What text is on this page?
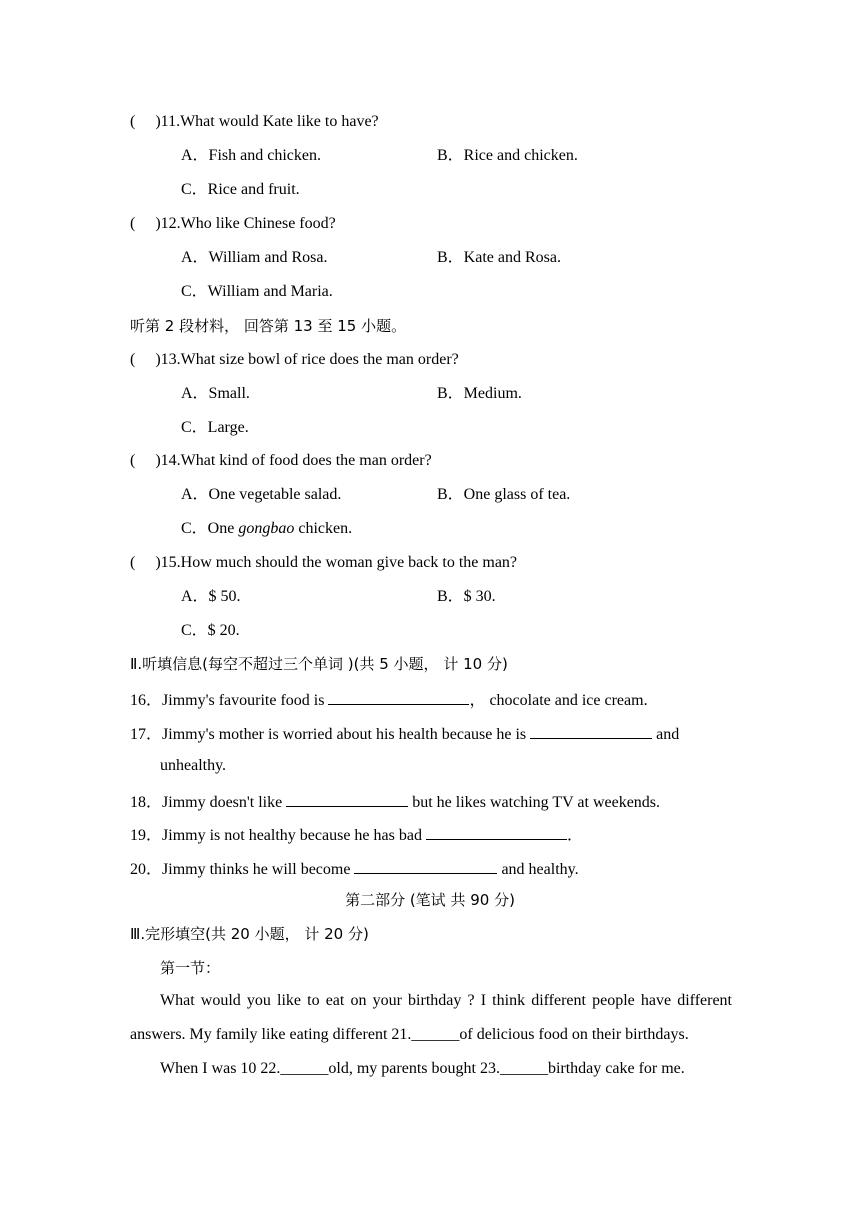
( )11.What would Kate like to have?
A．Fish and chicken.	B．Rice and chicken.
C．Rice and fruit.
( )12.Who like Chinese food?
A．William and Rosa.	B．Kate and Rosa.
C．William and Maria.
听第 2 段材料， 回答第 13 至 15 小题。
( )13.What size bowl of rice does the man order?
A．Small.	B．Medium.
C．Large.
( )14.What kind of food does the man order?
A．One vegetable salad.	B．One glass of tea.
C．One gongbao chicken.
( )15.How much should the woman give back to the man?
A．$ 50.	B．$ 30.
C．$ 20.
Ⅱ.听填信息(每空不超过三个单词 )(共 5 小题， 计 10 分)
16．Jimmy's favourite food is	， chocolate and ice cream.
17．Jimmy's mother is worried about his health because he is	and
unhealthy.
18．Jimmy doesn't like	but he likes watching TV at weekends.
19．Jimmy is not healthy because he has bad	．
20．Jimmy thinks he will become	and healthy.
第二部分 (笔试 共 90 分)
Ⅲ.完形填空(共 20 小题， 计 20 分)
第一节：

What would you like to eat on your birthday ? I think different people have different answers. My family like eating different 21.______of delicious food on their birthdays.

When I was 10 22.______old, my parents bought 23.______birthday cake for me.
